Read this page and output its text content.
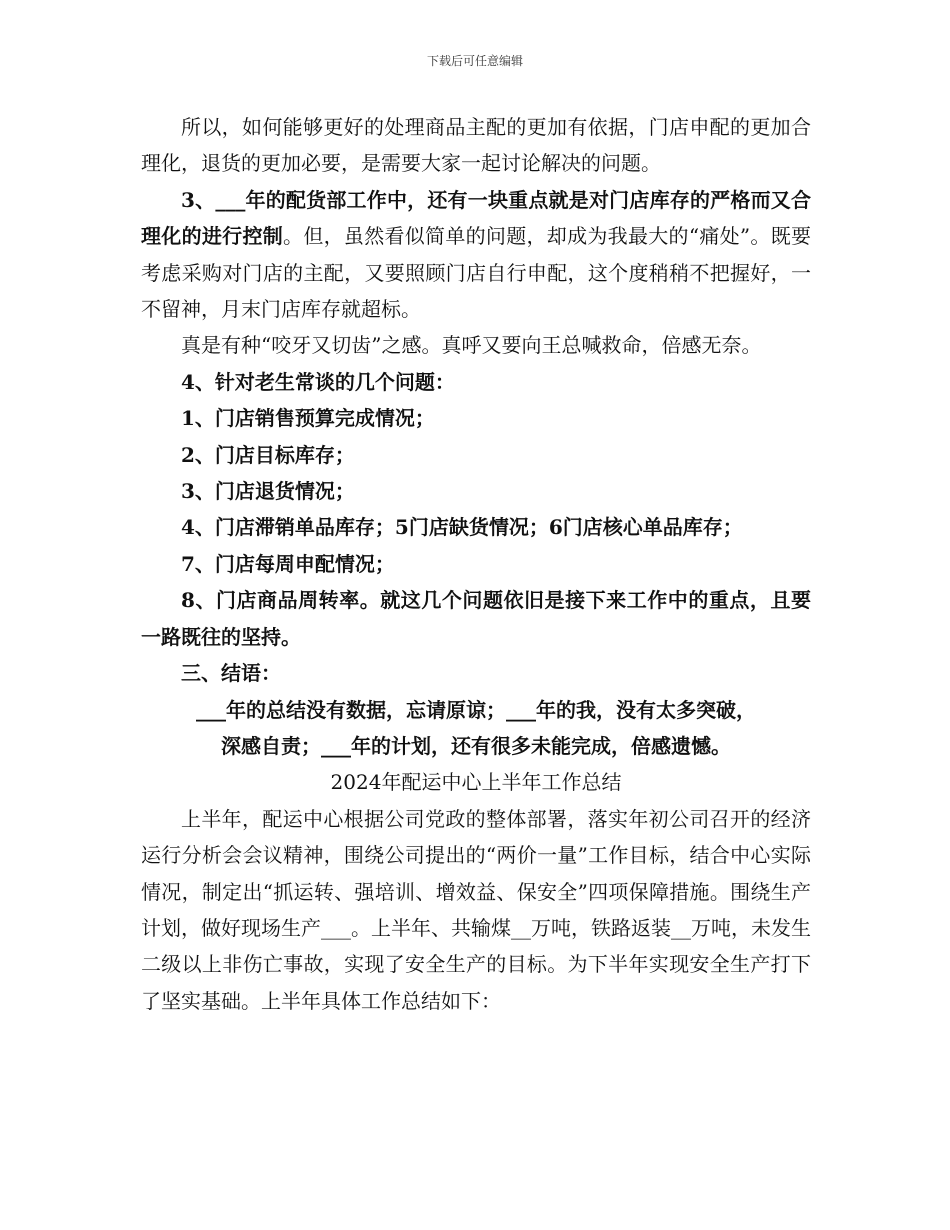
下载后可任意编辑

所以，如何能够更好的处理商品主配的更加有依据，门店申配的更加合理化，退货的更加必要，是需要大家一起讨论解决的问题。

3、___年的配货部工作中，还有一块重点就是对门店库存的严格而又合理化的进行控制。但，虽然看似简单的问题，却成为我最大的“痛处”。既要考虑采购对门店的主配，又要照顾门店自行申配，这个度稍稍不把握好，一不留神，月末门店库存就超标。

真是有种“咬牙又切齿”之感。真呼又要向王总喊救命，倍感无奈。

4、针对老生常谈的几个问题：

1、门店销售预算完成情况；

2、门店目标库存；

3、门店退货情况；

4、门店滞销单品库存；5门店缺货情况；6门店核心单品库存；

7、门店每周申配情况；

8、门店商品周转率。就这几个问题依旧是接下来工作中的重点，且要一路既往的坚持。

三、结语：

___年的总结没有数据，忘请原谅；___年的我，没有太多突破，

深感自责；___年的计划，还有很多未能完成，倍感遗憾。

2024年配运中心上半年工作总结

上半年，配运中心根据公司党政的整体部署，落实年初公司召开的经济运行分析会会议精神，围绕公司提出的“两价一量”工作目标，结合中心实际情况，制定出“抓运转、强培训、增效益、保安全”四项保障措施。围绕生产计划，做好现场生产___。上半年、共输煤__万吨，铁路返装__万吨，未发生二级以上非伤亡事故，实现了安全生产的目标。为下半年实现安全生产打下了坚实基础。上半年具体工作总结如下：
